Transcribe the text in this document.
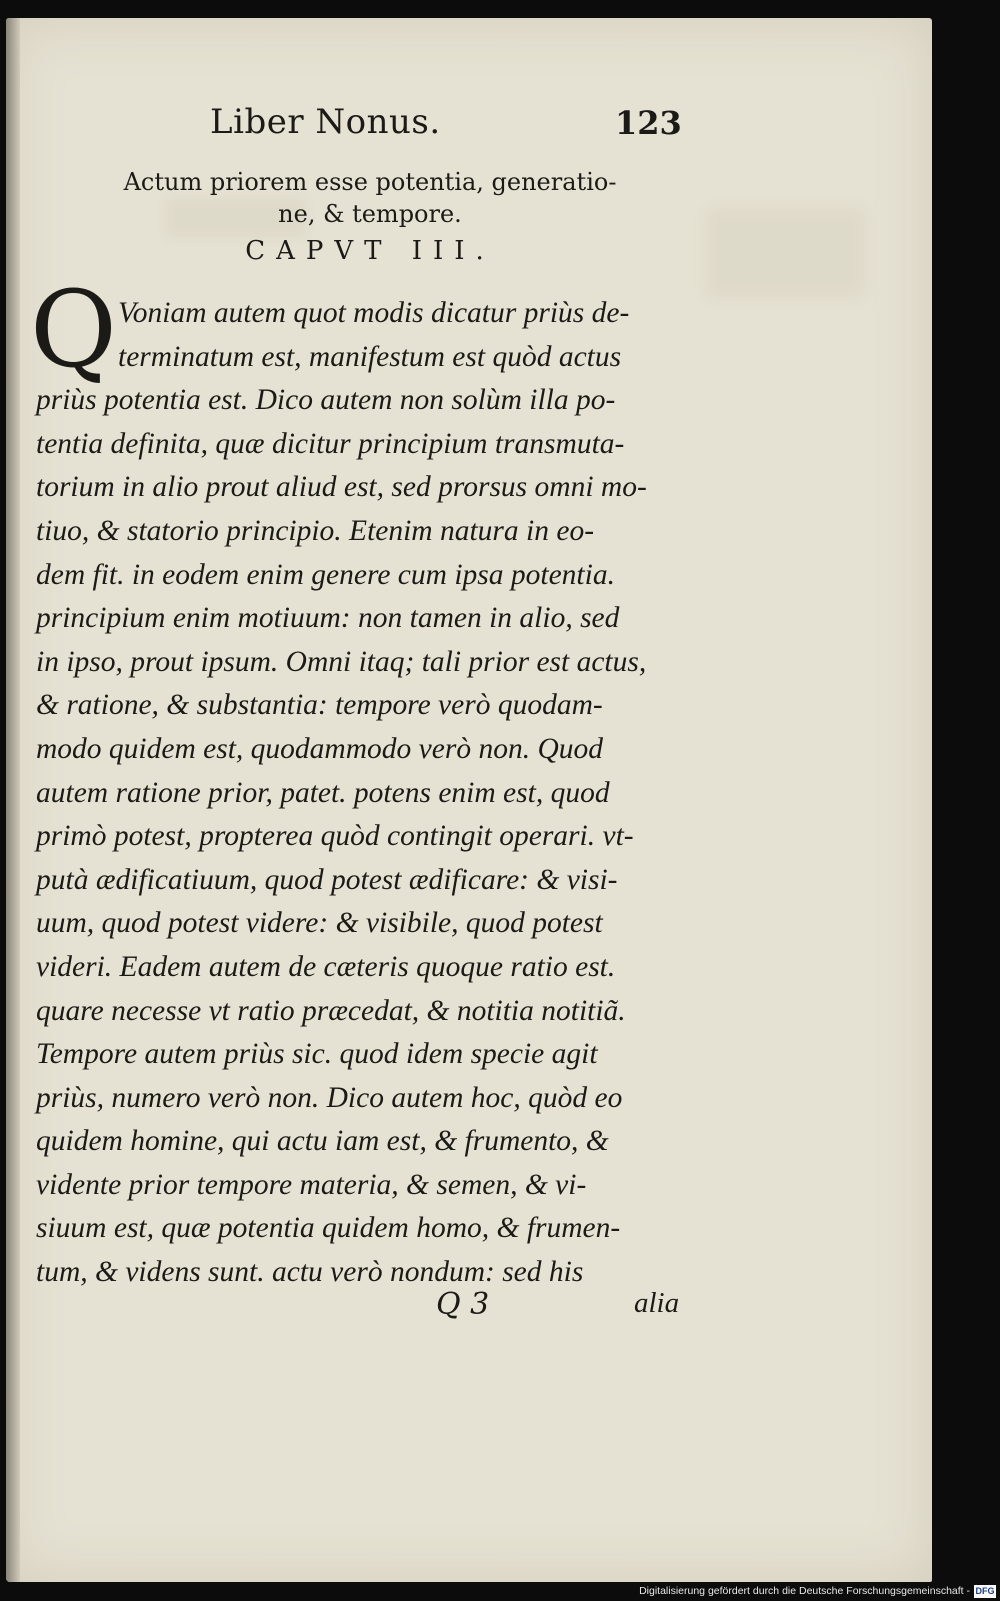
Liber Nonus.	123
Actum priorem esse potentia, generatio-
ne, & tempore.
CAPVT III.
Q Voniam autem quot modis dicatur priùs de-
terminatum est, manifestum est quòd actus
priùs potentia est. Dico autem non solùm illa po-
tentia definita, quæ dicitur principium transmuta-
torium in alio prout aliud est, sed prorsus omni mo-
tiuo, & statorio principio. Etenim natura in eo-
dem fit. in eodem enim genere cum ipsa potentia.
principium enim motiuum: non tamen in alio, sed
in ipso, prout ipsum. Omni itaq; tali prior est actus,
& ratione, & substantia: tempore verò quodam-
modo quidem est, quodammodo verò non. Quod
autem ratione prior, patet. potens enim est, quod
primò potest, propterea quòd contingit operari. vt-
putà ædificatiuum, quod potest ædificare: & visi-
uum, quod potest videre: & visibile, quod potest
videri. Eadem autem de cæteris quoque ratio est.
quare necesse vt ratio præcedat, & notitia notitiã.
Tempore autem priùs sic. quod idem specie agit
priùs, numero verò non. Dico autem hoc, quòd eo
quidem homine, qui actu iam est, & frumento, &
vidente prior tempore materia, & semen, & vi-
siuum est, quæ potentia quidem homo, & frumen-
tum, & videns sunt. actu verò nondum: sed his
Q 3	alia
Digitalisierung gefördert durch die Deutsche Forschungsgemeinschaft - DFG
